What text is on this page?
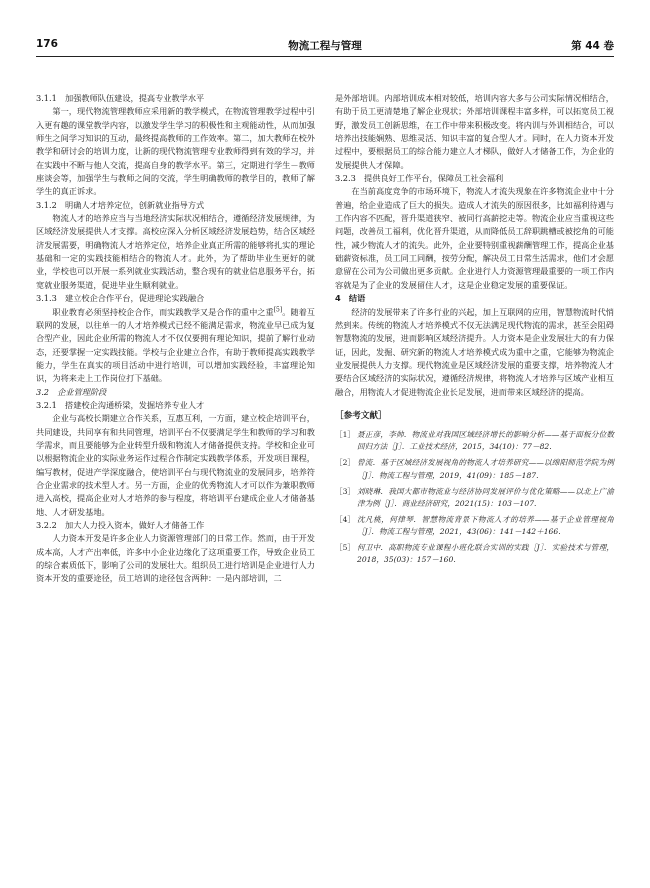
176	物流工程与管理	第 44 卷
3.1.1　加强教师队伍建设，提高专业教学水平

第一，现代物流管理教师应采用新的教学模式，在物流管理教学过程中引入更有趣的课堂教学内容，以激发学生学习的积极性和主观能动性，从而加强师生之间学习知识的互动，最终提高教师的工作效率。第二，加大教师在校外教学和研讨会的培训力度，让新的现代物流管理专业教师得到有效的学习，并在实践中不断与他人交流，提高自身的教学水平。第三，定期进行学生－教师座谈会等，加强学生与教师之间的交流，学生明确教师的教学目的，教师了解学生的真正诉求。

3.1.2　明确人才培养定位，创新就业指导方式

物流人才的培养应当与当地经济实际状况相结合，遵循经济发展规律，为区域经济发展提供人才支撑。高校应深入分析区域经济发展趋势，结合区域经济发展需要，明确物流人才培养定位，培养企业真正所需的能够将扎实的理论基础和一定的实践技能相结合的物流人才。此外，为了帮助毕业生更好的就业，学校也可以开展一系列就业实践活动，整合现有的就业信息服务平台，拓宽就业服务渠道，促进毕业生顺利就业。

3.1.3　建立校企合作平台，促进理论实践融合

职业教育必须坚持校企合作，而实践教学又是合作的重中之重[5]。随着互联网的发展，以往单一的人才培养模式已经不能满足需求，物流业早已成为复合型产业，因此企业所需的物流人才不仅仅要拥有理论知识，提前了解行业动态，还要掌握一定实践技能。学校与企业建立合作，有助于教师提高实践教学能力，学生在真实的项目活动中进行培训，可以增加实践经验，丰富理论知识，为将来走上工作岗位打下基础。

3.2　企业管理阶段
3.2.1　搭建校企沟通桥梁，发掘培养专业人才

企业与高校长期建立合作关系，互惠互利，一方面，建立校企培训平台，共同建设，共同享有和共同管理，培训平台不仅要满足学生和教师的学习和教学需求，而且要能够为企业转型升级和物流人才储备提供支持。学校和企业可以根据物流企业的实际业务运作过程合作制定实践教学体系，开发项目课程，编写教材，促进产学深度融合，使培训平台与现代物流业的发展同步，培养符合企业需求的技术型人才。另一方面，企业的优秀物流人才可以作为兼职教师进入高校，提高企业对人才培养的参与程度，将培训平台建成企业人才储备基地、人才研发基地。

3.2.2　加大人力投入资本，做好人才储备工作

人力资本开发是许多企业人力资源管理部门的日常工作。然而，由于开发成本高，人才产出率低，许多中小企业边缘化了这项重要工作，导致企业员工的综合素质低下，影响了公司的发展壮大。组织员工进行培训是企业进行人力资本开发的重要途径，员工培训的途径包含两种：一是内部培训，二

是外部培训。内部培训成本相对较低，培训内容大多与公司实际情况相结合，有助于员工更清楚地了解企业现状；外部培训课程丰富多样，可以拓宽员工视野，激发员工创新思维，在工作中带来积极改变。将内训与外训相结合，可以培养出技能娴熟、思维灵活、知识丰富的复合型人才。同时，在人力资本开发过程中，要根据员工的综合能力建立人才梯队，做好人才储备工作，为企业的发展提供人才保障。

3.2.3　提供良好工作平台，保障员工社会福利

在当前高度竞争的市场环境下，物流人才流失现象在许多物流企业中十分普遍，给企业造成了巨大的损失。造成人才流失的原因很多，比如福利待遇与工作内容不匹配，晋升渠道狭窄、被同行高薪挖走等。物流企业应当重视这些问题，改善员工福利，优化晋升渠道，从而降低员工辞职跳槽或被挖角的可能性，减少物流人才的流失。此外，企业要特别重视薪酬管理工作，提高企业基础薪资标准，员工同工同酬，按劳分配，解决员工日常生活需求，他们才会愿意留在公司为公司做出更多贡献。企业进行人力资源管理最重要的一项工作内容就是为了企业的发展留住人才，这是企业稳定发展的重要保证。

4　结语

经济的发展带来了许多行业的兴起，加上互联网的应用，智慧物流时代悄然到来。传统的物流人才培养模式不仅无法满足现代物流的需求，甚至会阻碍智慧物流的发展，进而影响区域经济提升。人力资本是企业发展壮大的有力保证，因此，发掘、研究新的物流人才培养模式成为重中之重，它能够为物流企业发展提供人力支撑。现代物流业是区域经济发展的重要支撑，培养物流人才要结合区域经济的实际状况，遵循经济规律，将物流人才培养与区域产业相互融合，用物流人才促进物流企业长足发展，进而带来区域经济的提高。

［参考文献］

［1］ 聂正彦，李帅．物流业对我国区域经济增长的影响分析——基于面板分位数回归方法［J］．工业技术经济，2015，34(10)：77－82.
［2］ 曾流．基于区域经济发展视角的物流人才培养研究——以绵阳师范学院为例［J］．物流工程与管理，2019，41(09)：185－187.
［3］ 刘晓琳．我国大都市物流业与经济协同发展评价与优化策略——以北上广渝津为例［J］．商业经济研究，2021(15)：103－107.
［4］ 沈凡桃，何律琴．智慧物流背景下物流人才的培养——基于企业管理视角［J］．物流工程与管理，2021，43(06)：141－142＋166.
［5］ 何卫中．高职物流专业课程小班化联合实训的实践［J］．实验技术与管理，2018，35(03)：157－160.
